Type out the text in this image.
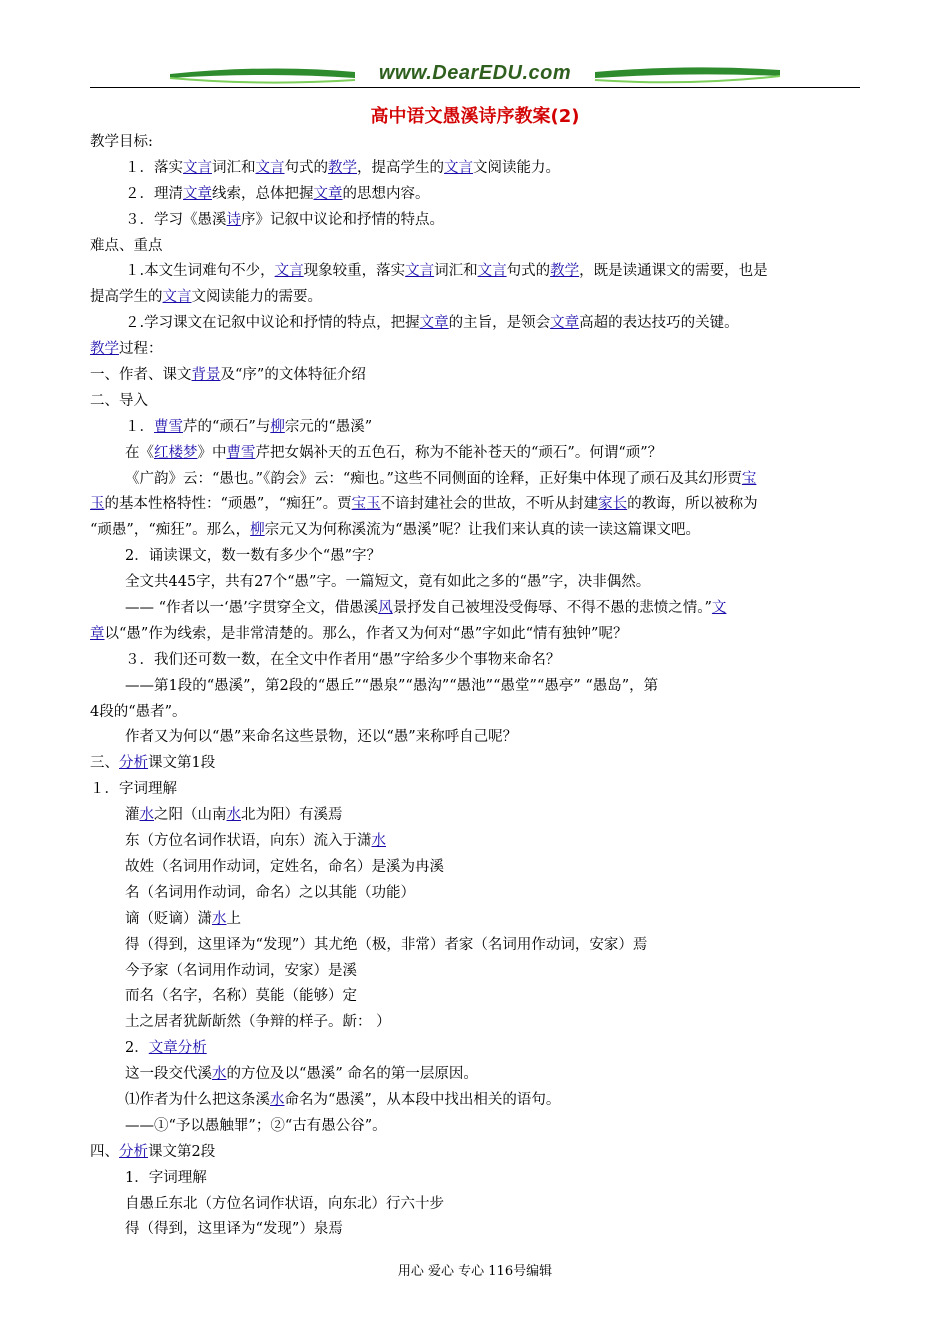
www.DearEDU.com
高中语文愚溪诗序教案(2)
教学目标:
１．落实文言词汇和文言句式的教学，提高学生的文言文阅读能力。
２．理清文章线索，总体把握文章的思想内容。
３．学习《愚溪诗序》记叙中议论和抒情的特点。
难点、重点
１.本文生词难句不少，文言现象较重，落实文言词汇和文言句式的教学，既是读通课文的需要，也是
提高学生的文言文阅读能力的需要。
２.学习课文在记叙中议论和抒情的特点，把握文章的主旨，是领会文章高超的表达技巧的关键。
教学过程：
一、作者、课文背景及“序”的文体特征介绍
二、导入
１．曹雪芹的“顽石”与柳宗元的“愚溪”
在《红楼梦》中曹雪芹把女娲补天的五色石，称为不能补苍天的“顽石”。何谓“顽”？
《广韵》云：“愚也。”《韵会》云：“痴也。”这些不同侧面的诠释，正好集中体现了顽石及其幻形贾宝
玉的基本性格特性：“顽愚”，“痴狂”。贾宝玉不谙封建社会的世故，不听从封建家长的教诲，所以被称为
“顽愚”，“痴狂”。那么，柳宗元又为何称溪流为“愚溪”呢？让我们来认真的读一读这篇课文吧。
2．诵读课文，数一数有多少个“愚”字？
全文共445字，共有27个“愚”字。一篇短文，竟有如此之多的“愚”字，决非偶然。
—— “作者以一‘愚’字贯穿全文，借愚溪风景抒发自己被埋没受侮辱、不得不愚的悲愤之情。”文
章以“愚”作为线索，是非常清楚的。那么，作者又为何对“愚”字如此“情有独钟”呢？
３．我们还可数一数，在全文中作者用“愚”字给多少个事物来命名？
——第1段的“愚溪”，第2段的“愚丘”“愚泉”“愚沟”“愚池”“愚堂”“愚亭” “愚岛”，第
4段的“愚者”。
作者又为何以“愚”来命名这些景物，还以“愚”来称呼自己呢？
三、分析课文第1段
１．字词理解
灌水之阳（山南水北为阳）有溪焉
东（方位名词作状语，向东）流入于潇水
故姓（名词用作动词，定姓名，命名）是溪为冉溪
名（名词用作动词，命名）之以其能（功能）
谪（贬谪）潇水上
得（得到，这里译为“发现”）其尤绝（极，非常）者家（名词用作动词，安家）焉
今予家（名词用作动词，安家）是溪
而名（名字，名称）莫能（能够）定
土之居者犹龂龂然（争辩的样子。龂： ）
2．文章分析
这一段交代溪水的方位及以“愚溪” 命名的第一层原因。
⑴作者为什么把这条溪水命名为“愚溪”，从本段中找出相关的语句。
——①“予以愚触罪”；②“古有愚公谷”。
四、分析课文第2段
1．字词理解
自愚丘东北（方位名词作状语，向东北）行六十步
得（得到，这里译为“发现”）泉焉
用心 爱心 专心 116号编辑
